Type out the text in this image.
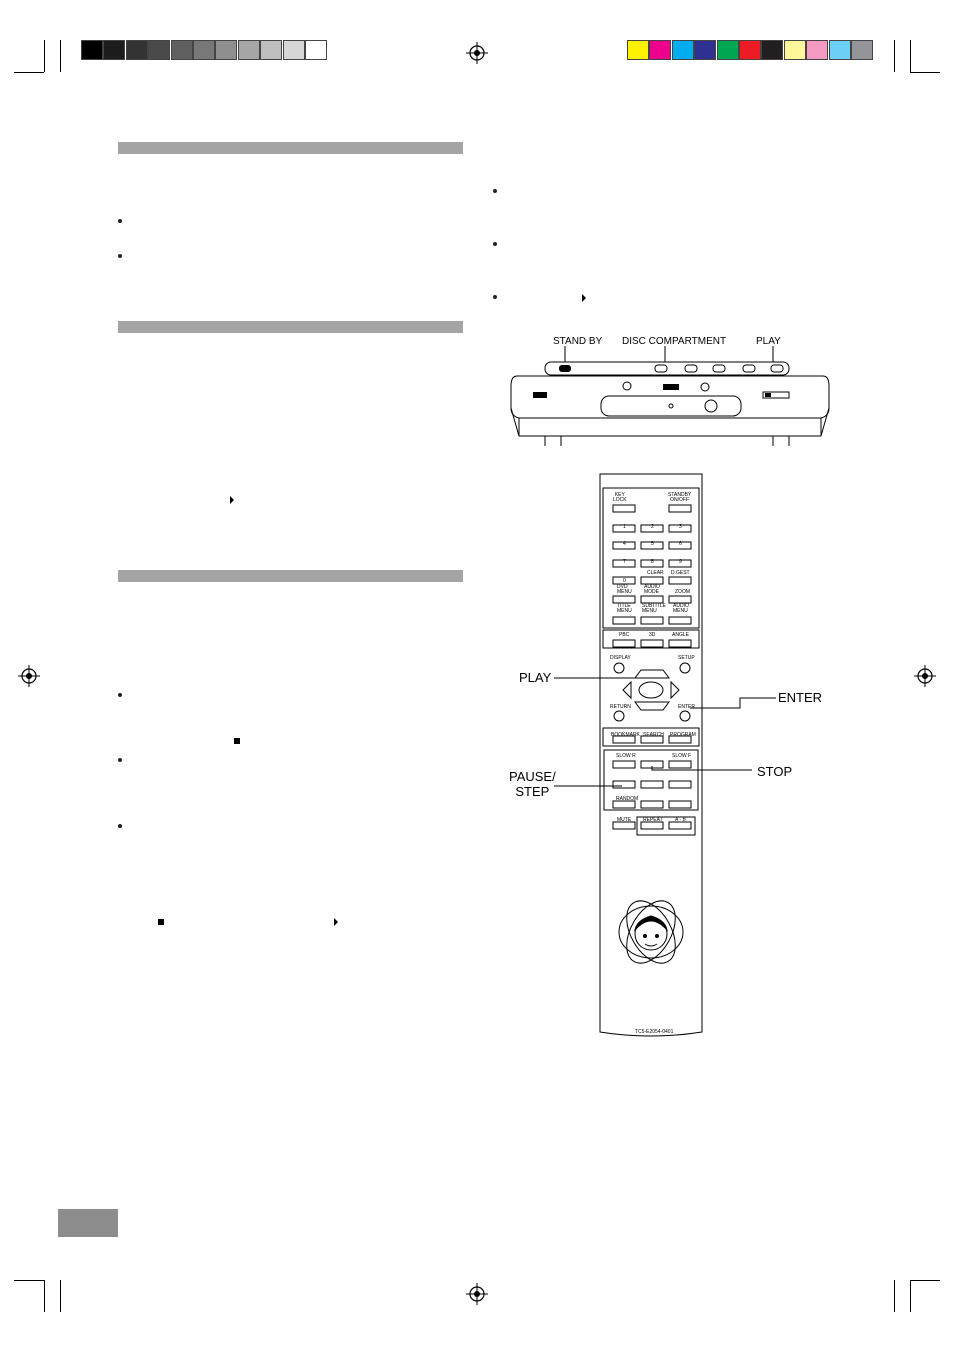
STAND BY DISC COMPARTMENT	PLAY
KEY
LOCK
STANDBY
ON/OFF
CLEAR D.GEST
DVD
MENU
AUDIO
MODE	ZOOM
TITLE
MENU
SUBTITLE
MENU
AUDIO
MENU
PBC	3D	ANGLE
DISPLAY	SETUP
RETURN	ENTER
BOOKMARK SEARCH PROGRAM
SLOW R	SLOW F
RANDOM
MUTE REPEAT A - B
TC5-E2054-0401
1	2	3
4	5	6
7	8	9
0
PLAY
ENTER
PAUSE/
STEP
STOP
